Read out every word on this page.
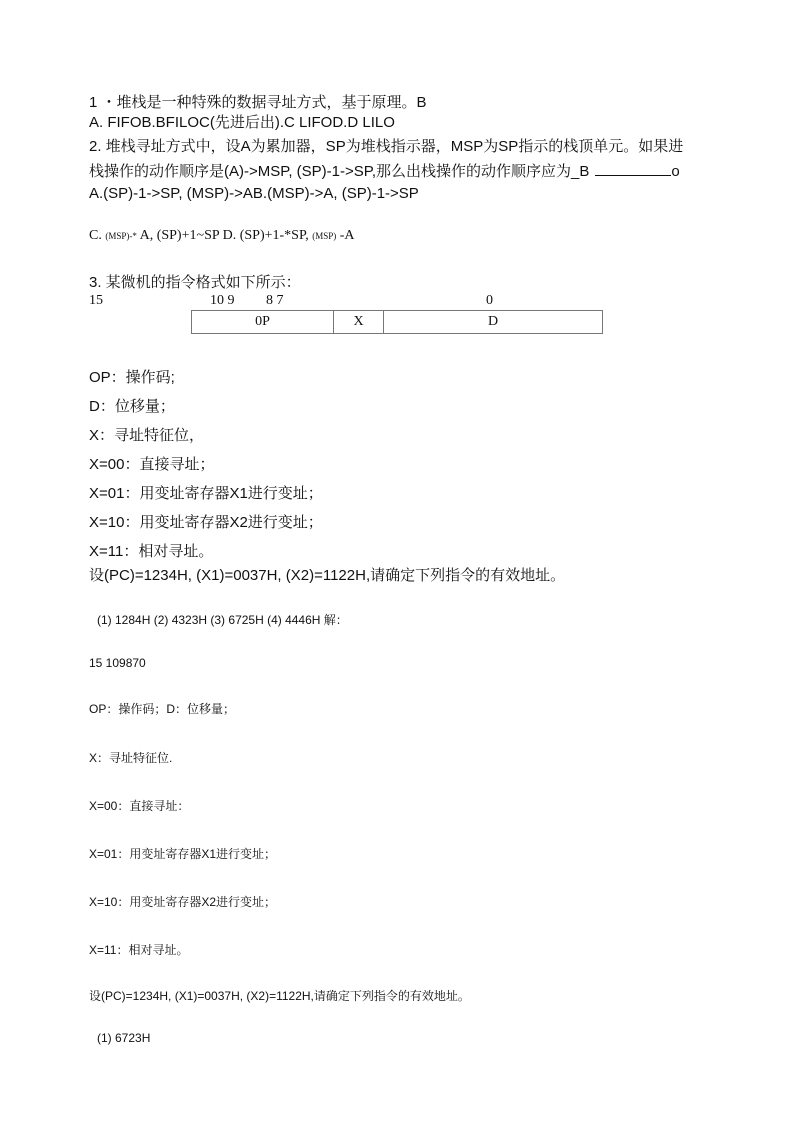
1 ・堆栈是一种特殊的数据寻址方式，基于原理。B
A. FIFOB.BFILOC(先进后出).C LIFOD.D LILO
2. 堆栈寻址方式中，设A为累加器，SP为堆栈指示器，MSP为SP指示的栈顶单元。如果进
栈操作的动作顺序是(A)->MSP, (SP)-1->SP,那么出栈操作的动作顺序应为_B	o
A.(SP)-1->SP, (MSP)->AB.(MSP)->A, (SP)-1->SP
C. (MSP)-* A, (SP)+1~SP D. (SP)+1-*SP, (MSP) -A
3. 某微机的指令格式如下所示：
15	10 9 8 7	0
0P	X	D
OP：操作码;
D：位移量；
X：寻址特征位，
X=00：直接寻址；
X=01：用变址寄存器X1进行变址；
X=10：用变址寄存器X2进行变址；
X=11：相对寻址。
设(PC)=1234H, (X1)=0037H, (X2)=1122H,请确定下列指令的有效地址。
(1) 1284H (2) 4323H (3) 6725H (4) 4446H 解：
15 109870
OP：操作码；D：位移量；
X：寻址特征位.
X=00：直接寻址：
X=01：用变址寄存器X1进行变址；
X=10：用变址寄存器X2进行变址；
X=11：相对寻址。
设(PC)=1234H, (X1)=0037H, (X2)=1122H,请确定下列指令的有效地址。
(1) 6723H
